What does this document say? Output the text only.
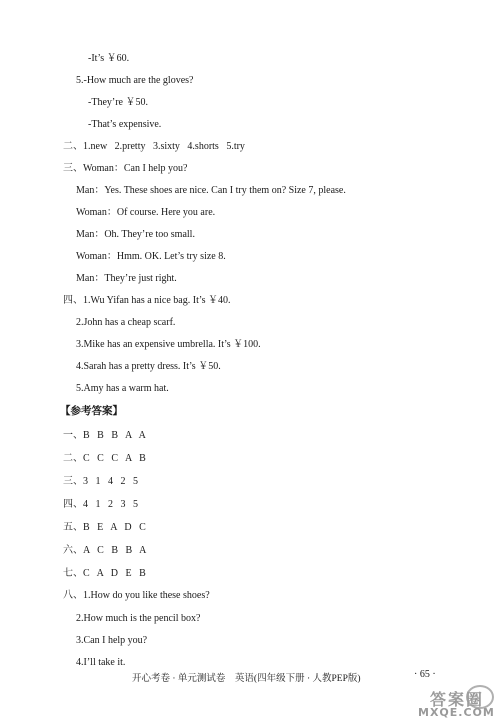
-It’s ￥60.
5.-How much are the gloves?
-They’re ￥50.
-That’s expensive.
二、1.new   2.pretty   3.sixty   4.shorts   5.try
三、Woman：Can I help you?
Man：Yes. These shoes are nice. Can I try them on? Size 7, please.
Woman：Of course. Here you are.
Man：Oh. They’re too small.
Woman：Hmm. OK. Let’s try size 8.
Man：They’re just right.
四、1.Wu Yifan has a nice bag. It’s ￥40.
2.John has a cheap scarf.
3.Mike has an expensive umbrella. It’s ￥100.
4.Sarah has a pretty dress. It’s ￥50.
5.Amy has a warm hat.
【参考答案】
一、B   B   B   A   A
二、C   C   C   A   B
三、3   1   4   2   5
四、4   1   2   3   5
五、B   E   A   D   C
六、A   C   B   B   A
七、C   A   D   E   B
八、1.How do you like these shoes?
2.How much is the pencil box?
3.Can I help you?
4.I’ll take it.
开心考卷 · 单元测试卷    英语(四年级下册 · 人教PEP版)	· 65 ·
答案圈
MXQE.COM
